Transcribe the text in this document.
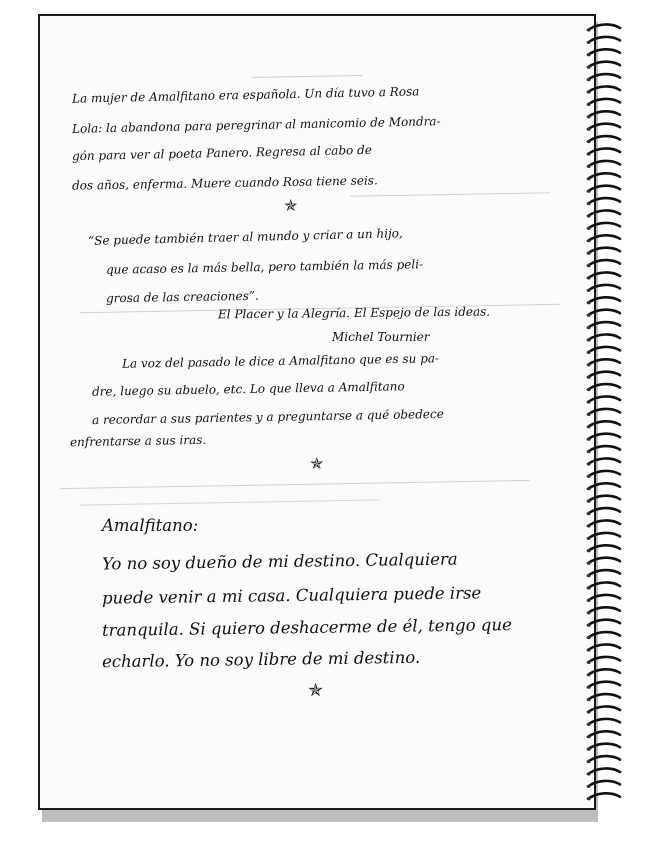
La mujer de Amalfitano era española. Un día tuvo a Rosa
Lola: la abandona para peregrinar al manicomio de Mondra-
gón para ver al poeta Panero. Regresa al cabo de
dos años, enferma. Muere cuando Rosa tiene seis.
✯
“Se puede también traer al mundo y criar a un hijo,
que acaso es la más bella, pero también la más peli-
grosa de las creaciones”.
El Placer y la Alegría. El Espejo de las ideas.
Michel Tournier
La voz del pasado le dice a Amalfitano que es su pa-
dre, luego su abuelo, etc. Lo que lleva a Amalfitano
a recordar a sus parientes y a preguntarse a qué obedece
enfrentarse a sus iras.
✯
Amalfitano:
Yo no soy dueño de mi destino. Cualquiera
puede venir a mi casa. Cualquiera puede irse
tranquila. Si quiero deshacerme de él, tengo que
echarlo. Yo no soy libre de mi destino.
✯
